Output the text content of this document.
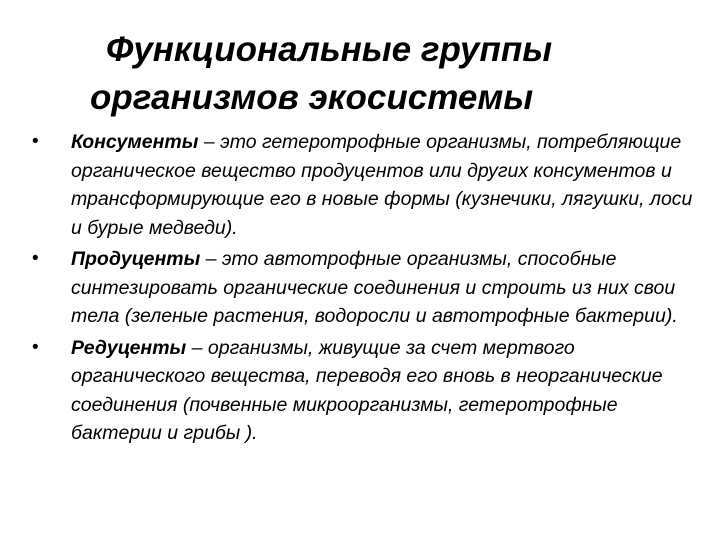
Функциональные группы
организмов экосистемы
• Консументы – это гетеротрофные организмы, потребляющие органическое вещество продуцентов или других консументов и трансформирующие его в новые формы (кузнечики, лягушки, лоси и бурые медведи).
• Продуценты – это автотрофные организмы, способные синтезировать органические соединения и строить из них свои тела (зеленые растения, водоросли и автотрофные бактерии).
• Редуценты – организмы, живущие за счет мертвого органического вещества, переводя его вновь в неорганические соединения (почвенные микроорганизмы, гетеротрофные бактерии и грибы ).
